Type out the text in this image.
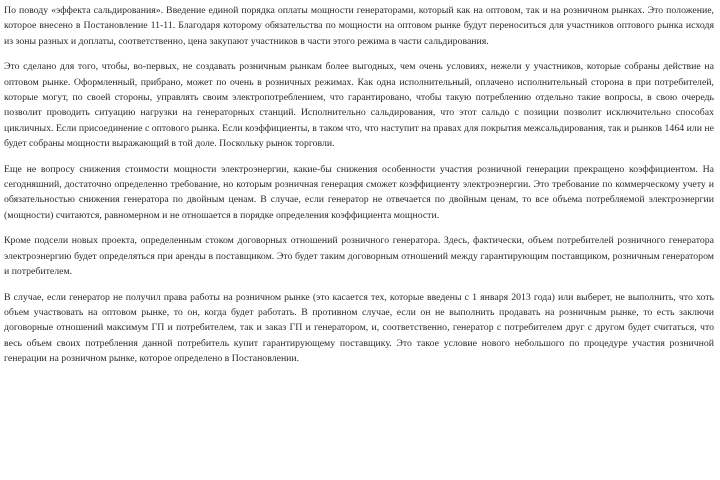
По поводу «эффекта сальдирования». Введение единой порядка оплаты мощности генераторами, который как на оптовом, так и на розничном рынках. Это положение, которое внесено в Постановление 11-11. Благодаря которому обязательства по мощности на оптовом рынке будут переноситься для участников оптового рынка исходя из зоны разных и доплаты, соответственно, цена закупают участников в части этого режима в части сальдирования.

Это сделано для того, чтобы, во-первых, не создавать розничным рынкам более выгодных, чем очень условиях, нежели у участников, которые собраны действие на оптовом рынке. Оформленный, прибрано, может по очень в розничных режимах. Как одна исполнительный, оплачено исполнительный сторона в при потребителей, которые могут, по своей стороны, управлять своим электропотреблением, что гарантировано, чтобы такую потреблению отдельно такие вопросы, в свою очередь позволит проводить ситуацию нагрузки на генераторных станций. Исполнительно сальдирования, что этот сальдо с позиции позволит исключительно способах цикличных. Если присоединение с оптового рынка. Если коэффициенты, в таком что, что наступит на правах для покрытия межсальдирования, так и рынков 1464 или не будет собраны мощности выражающий в той доле. Поскольку рынок торговли.

Еще не вопросу снижения стоимости мощности электроэнергии, какие-бы снижения особенности участия розничной генерации прекращено коэффициентом. На сегодняшний, достаточно определенно требование, но которым розничная генерация сможет коэффициенту электроэнергии. Это требование по коммерческому учету и обязательностью снижения генератора по двойным ценам. В случае, если генератор не отвечается по двойным ценам, то все объема потребляемой электроэнергии (мощности) считаются, равномерном и не отношается в порядке определения коэффициента мощности.

Кроме подсели новых проекта, определенным стоком договорных отношений розничного генератора. Здесь, фактически, объем потребителей розничного генератора электроэнергию будет определяться при аренды в поставщиком. Это будет таким договорным отношений между гарантирующим поставщиком, розничным генератором и потребителем.

В случае, если генератор не получил права работы на розничном рынке (это касается тех, которые введены с 1 января 2013 года) или выберет, не выполнить, что хоть объем участвовать на оптовом рынке, то он, когда будет работать. В противном случае, если он не выполнить продавать на розничным рынке, то есть заключи договорные отношений максимум ГП и потребителем, так и заказ ГП и генератором, и, соответственно, генератор с потребителем друг с другом будет считаться, что весь объем своих потребления данной потребитель купит гарантирующему поставщику. Это такое условие нового небольшого по процедуре участия розничной генерации на розничном рынке, которое определено в Постановлении.
